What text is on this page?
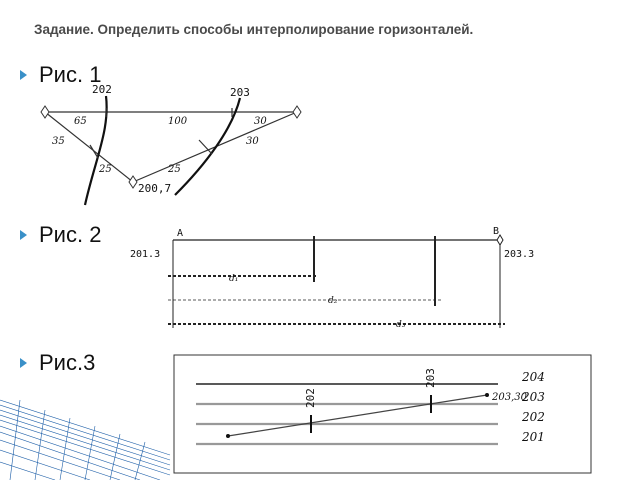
Задание. Определить способы интерполирование горизонталей.
Рис. 1
Рис. 2
Рис.3
202	203
65	100	30
35
25	25
30
200,7
A	B
201.3	203.3
d₁
d₂
d₃
204
203
202
201
203,30
202
203
